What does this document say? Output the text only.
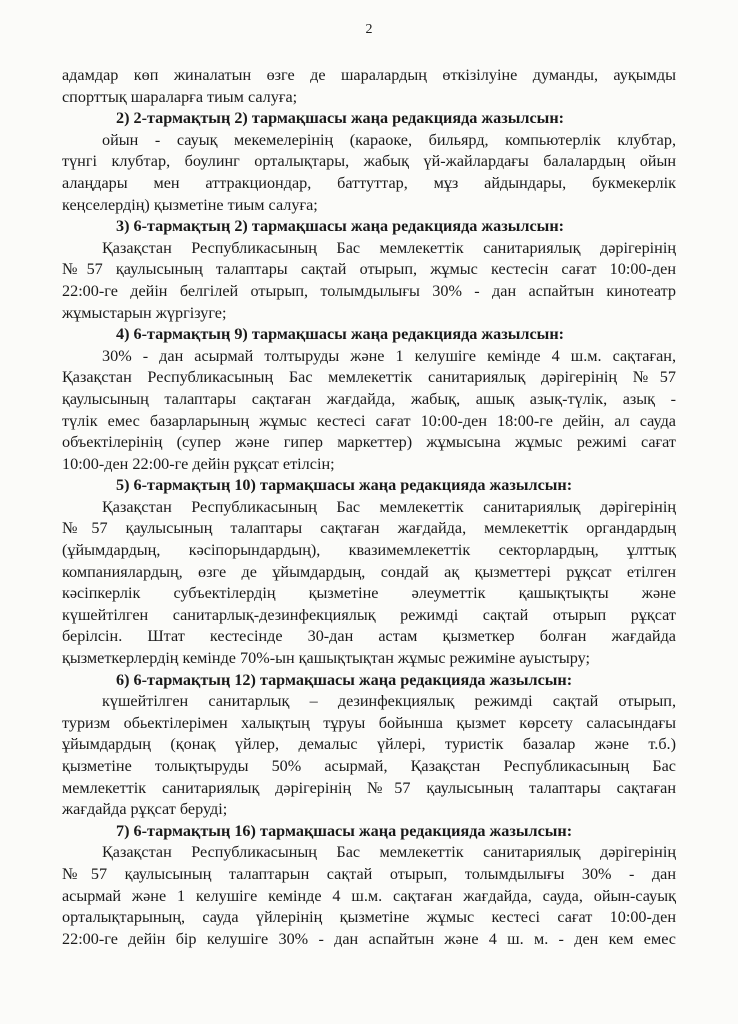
2
адамдар көп жиналатын өзге де шаралардың өткізілуіне думанды, ауқымды
спорттық шараларға тиым салуға;
2) 2-тармақтың 2) тармақшасы жаңа редакцияда жазылсын:
ойын - сауық мекемелерінің (караоке, бильярд, компьютерлік клубтар,
түнгі клубтар, боулинг орталықтары, жабық үй-жайлардағы балалардың ойын
алаңдары мен аттракциондар, баттуттар, мұз айдындары, букмекерлік
кеңселердің) қызметіне тиым салуға;
3) 6-тармақтың 2) тармақшасы жаңа редакцияда жазылсын:
Қазақстан Республикасының Бас мемлекеттік санитариялық дәрігерінің
№57 қаулысының талаптары сақтай отырып, жұмыс кестесін сағат 10:00-ден
22:00-ге дейін белгілей отырып, толымдылығы 30% - дан аспайтын кинотеатр
жұмыстарын жүргізуге;
4) 6-тармақтың 9) тармақшасы жаңа редакцияда жазылсын:
30% - дан асырмай толтыруды және 1 келушіге кемінде 4 ш.м. сақтаған,
Қазақстан Республикасының Бас мемлекеттік санитариялық дәрігерінің №57
қаулысының талаптары сақтаған жағдайда, жабық, ашық азық-түлік, азық -
түлік емес базарларының жұмыс кестесі сағат 10:00-ден 18:00-ге дейін, ал сауда
объектілерінің (супер және гипер маркеттер) жұмысына жұмыс режимі сағат
10:00-ден 22:00-ге дейін рұқсат етілсін;
5) 6-тармақтың 10) тармақшасы жаңа редакцияда жазылсын:
Қазақстан Республикасының Бас мемлекеттік санитариялық дәрігерінің
№57 қаулысының талаптары сақтаған жағдайда, мемлекеттік органдардың
(ұйымдардың, кәсіпорындардың), квазимемлекеттік секторлардың, ұлттық
компаниялардың, өзге де ұйымдардың, сондай ақ қызметтері рұқсат етілген
кәсіпкерлік субъектілердің қызметіне әлеуметтік қашықтықты және
күшейтілген санитарлық-дезинфекциялық режимді сақтай отырып рұқсат
берілсін. Штат кестесінде 30-дан астам қызметкер болған жағдайда
қызметкерлердің кемінде 70%-ын қашықтықтан жұмыс режиміне ауыстыру;
6) 6-тармақтың 12) тармақшасы жаңа редакцияда жазылсын:
күшейтілген санитарлық – дезинфекциялық режимді сақтай отырып,
туризм обьектілерімен халықтың тұруы бойынша қызмет көрсету саласындағы
ұйымдардың (қонақ үйлер, демалыс үйлері, туристік базалар және т.б.)
қызметіне толықтыруды 50% асырмай, Қазақстан Республикасының Бас
мемлекеттік санитариялық дәрігерінің №57 қаулысының талаптары сақтаған
жағдайда рұқсат беруді;
7) 6-тармақтың 16) тармақшасы жаңа редакцияда жазылсын:
Қазақстан Республикасының Бас мемлекеттік санитариялық дәрігерінің
№57 қаулысының талаптарын сақтай отырып, толымдылығы 30% - дан
асырмай және 1 келушіге кемінде 4 ш.м. сақтаған жағдайда, сауда, ойын-сауық
орталықтарының, сауда үйлерінің қызметіне жұмыс кестесі сағат 10:00-ден
22:00-ге дейін бір келушіге 30% - дан аспайтын және 4 ш. м. - ден кем емес
